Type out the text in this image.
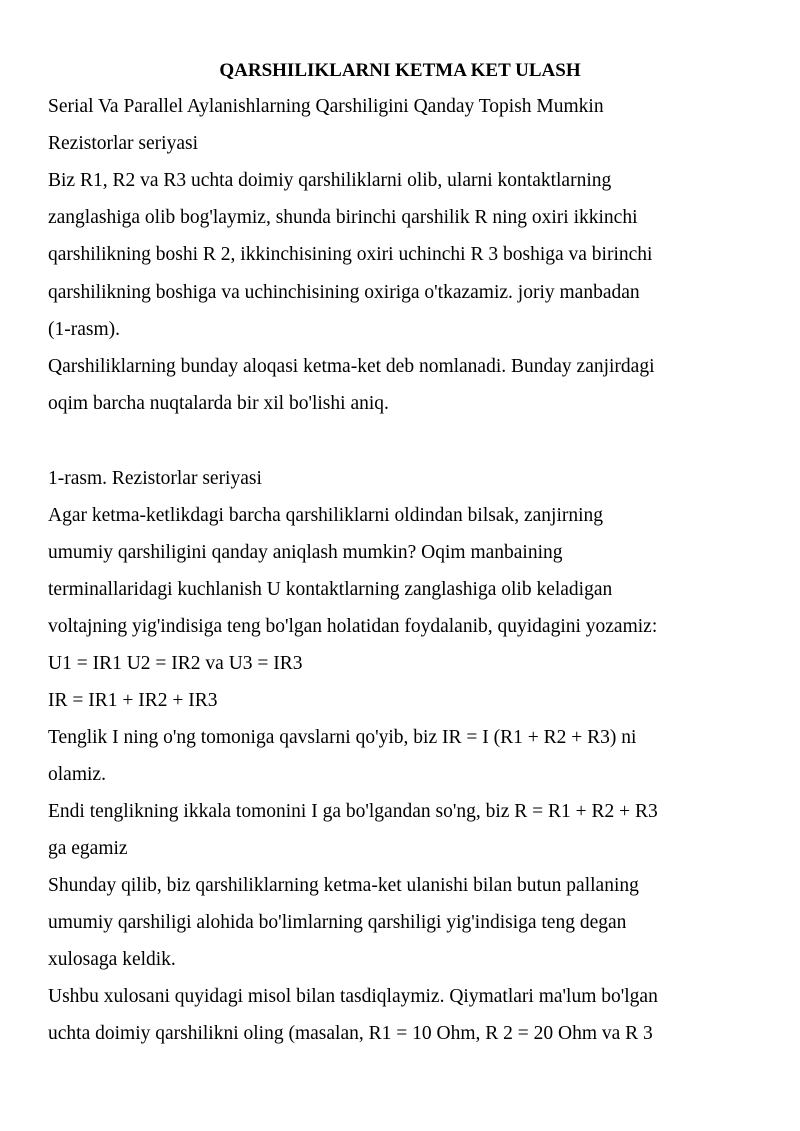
QARSHILIKLARNI KETMA KET ULASH
Serial Va Parallel Aylanishlarning Qarshiligini Qanday Topish Mumkin
Rezistorlar seriyasi
Biz R1, R2 va R3 uchta doimiy qarshiliklarni olib, ularni kontaktlarning
zanglashiga olib bog'laymiz, shunda birinchi qarshilik R ning oxiri ikkinchi
qarshilikning boshi R 2, ikkinchisining oxiri uchinchi R 3 boshiga va birinchi
qarshilikning boshiga va uchinchisining oxiriga o'tkazamiz. joriy manbadan
(1-rasm).
Qarshiliklarning bunday aloqasi ketma-ket deb nomlanadi. Bunday zanjirdagi
oqim barcha nuqtalarda bir xil bo'lishi aniq.
1-rasm. Rezistorlar seriyasi
Agar ketma-ketlikdagi barcha qarshiliklarni oldindan bilsak, zanjirning
umumiy qarshiligini qanday aniqlash mumkin? Oqim manbaining
terminallaridagi kuchlanish U kontaktlarning zanglashiga olib keladigan
voltajning yig'indisiga teng bo'lgan holatidan foydalanib, quyidagini yozamiz:
U1 = IR1 U2 = IR2 va U3 = IR3
IR = IR1 + IR2 + IR3
Tenglik I ning o'ng tomoniga qavslarni qo'yib, biz IR = I (R1 + R2 + R3) ni
olamiz.
Endi tenglikning ikkala tomonini I ga bo'lgandan so'ng, biz R = R1 + R2 + R3
ga egamiz
Shunday qilib, biz qarshiliklarning ketma-ket ulanishi bilan butun pallaning
umumiy qarshiligi alohida bo'limlarning qarshiligi yig'indisiga teng degan
xulosaga keldik.
Ushbu xulosani quyidagi misol bilan tasdiqlaymiz. Qiymatlari ma'lum bo'lgan
uchta doimiy qarshilikni oling (masalan, R1 = 10 Ohm, R 2 = 20 Ohm va R 3
